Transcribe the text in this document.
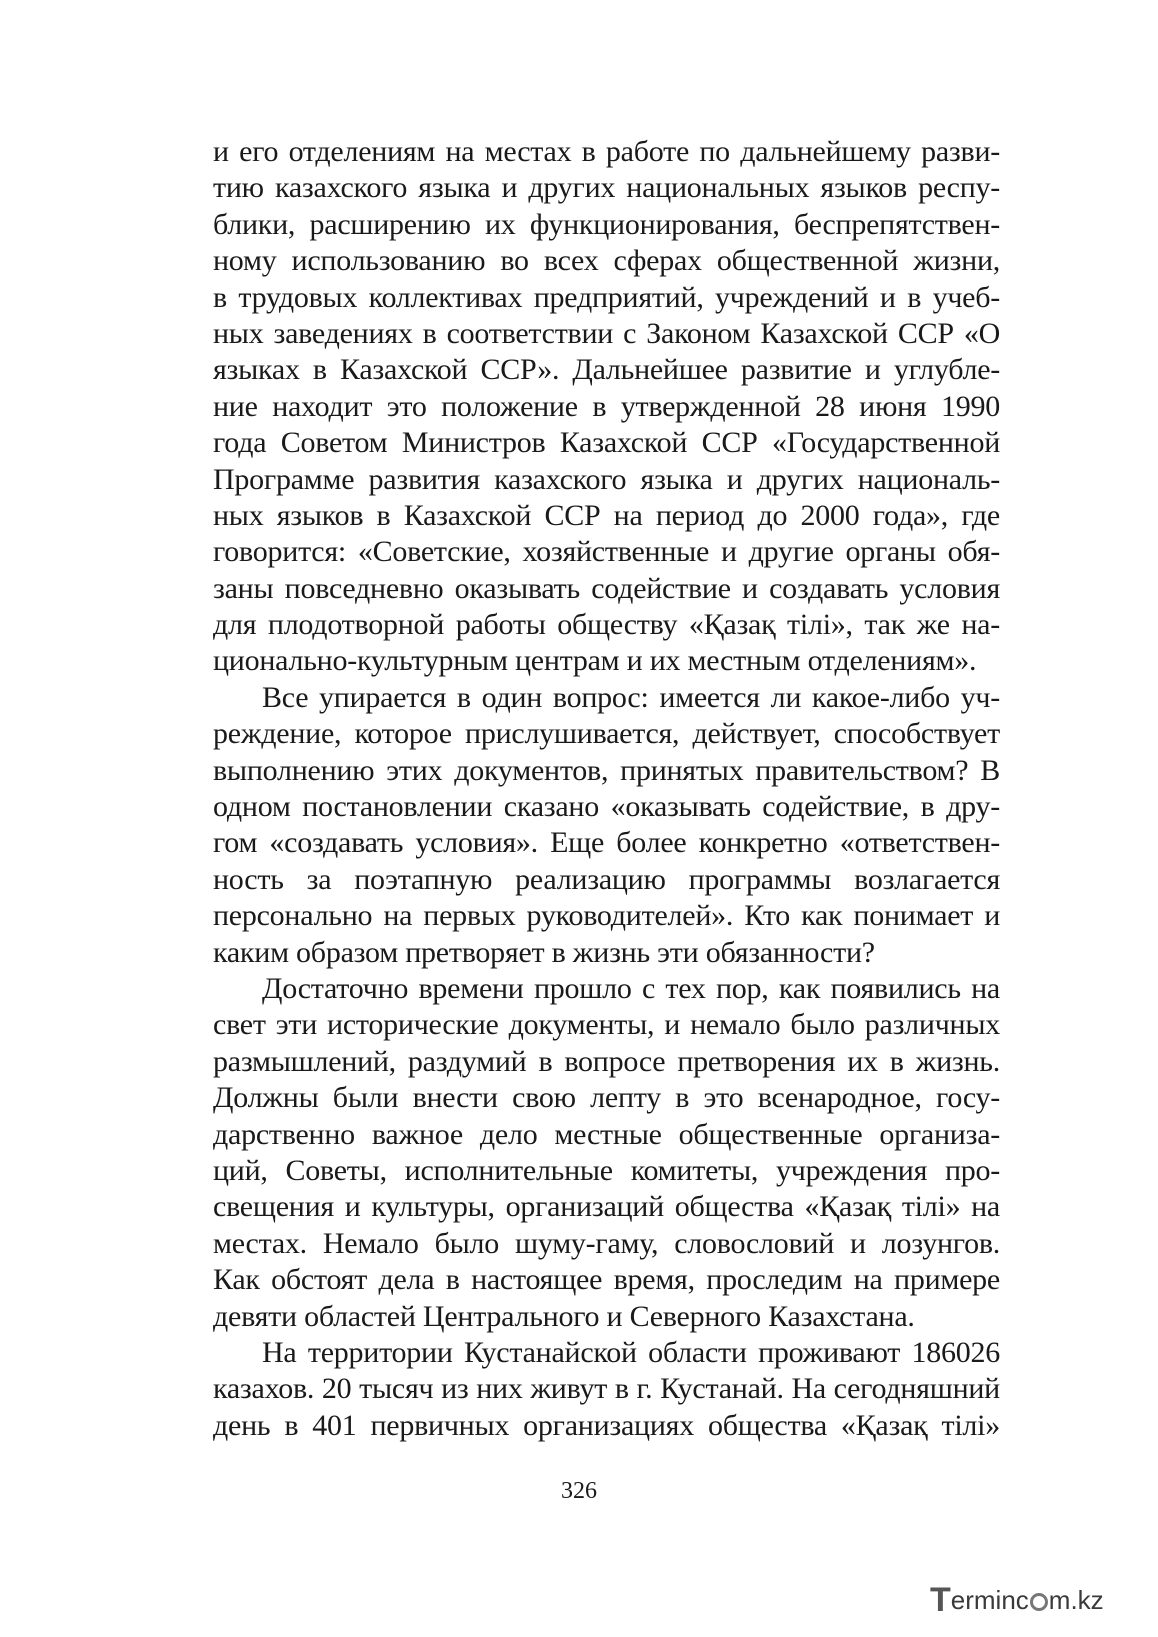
и его отделениям на местах в работе по дальнейшему разви-
тию казахского языка и других национальных языков респу-
блики, расширению их функционирования, беспрепятствен-
ному использованию во всех сферах общественной жизни,
в трудовых коллективах предприятий, учреждений и в учеб-
ных заведениях в соответствии с Законом Казахской ССР «О
языках в Казахской ССР». Дальнейшее развитие и углубле-
ние находит это положение в утвержденной 28 июня 1990
года Советом Министров Казахской ССР «Государственной
Программе развития казахского языка и других националь-
ных языков в Казахской ССР на период до 2000 года», где
говорится: «Советские, хозяйственные и другие органы обя-
заны повседневно оказывать содействие и создавать условия
для плодотворной работы обществу «Қазақ тілі», так же на-
ционально-культурным центрам и их местным отделениям».
Все упирается в один вопрос: имеется ли какое-либо уч-
реждение, которое прислушивается, действует, способствует
выполнению этих документов, принятых правительством? В
одном постановлении сказано «оказывать содействие, в дру-
гом «создавать условия». Еще более конкретно «ответствен-
ность за поэтапную реализацию программы возлагается
персонально на первых руководителей». Кто как понимает и
каким образом претворяет в жизнь эти обязанности?
Достаточно времени прошло с тех пор, как появились на
свет эти исторические документы, и немало было различных
размышлений, раздумий в вопросе претворения их в жизнь.
Должны были внести свою лепту в это всенародное, госу-
дарственно важное дело местные общественные организа-
ций, Советы, исполнительные комитеты, учреждения про-
свещения и культуры, организаций общества «Қазақ тілі» на
местах. Немало было шуму-гаму, словословий и лозунгов.
Как обстоят дела в настоящее время, проследим на примере
девяти областей Центрального и Северного Казахстана.
На территории Кустанайской области проживают 186026
казахов. 20 тысяч из них живут в г. Кустанай. На сегодняшний
день в 401 первичных организациях общества «Қазақ тілі»
326
Terminc m.kz
